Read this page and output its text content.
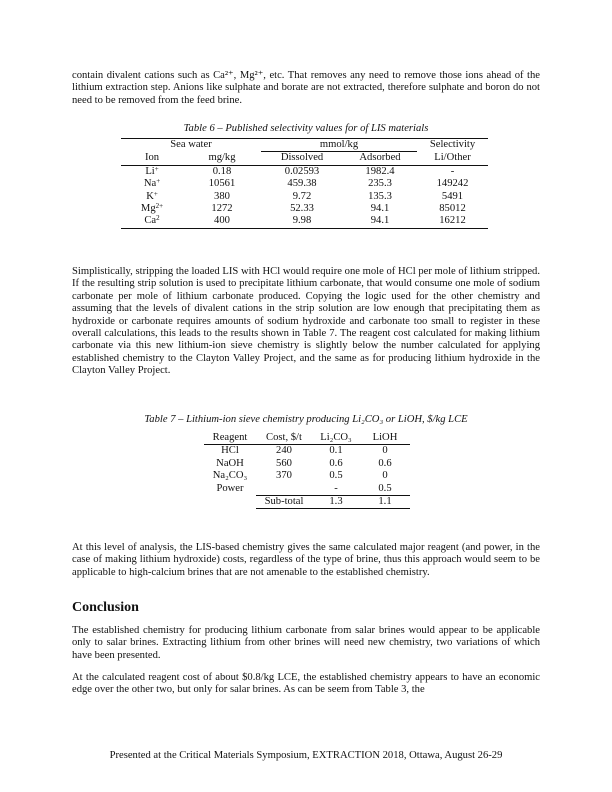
contain divalent cations such as Ca²⁺, Mg²⁺, etc. That removes any need to remove those ions ahead of the lithium extraction step. Anions like sulphate and borate are not extracted, therefore sulphate and boron do not need to be removed from the feed brine.

Table 6 – Published selectivity values for of LIS materials

Sea water		mmol/kg		Selectivity
Ion	mg/kg	Dissolved	Adsorbed	Li/Other
Li+	0.18	0.02593	1982.4	-
Na+	10561	459.38	235.3	149242
K+	380	9.72	135.3	5491
$Mg^{2+}$	1272	52.33	94.1	85012
Ca$^2$	400	9.98	94.1	16212

Simplistically, stripping the loaded LIS with HCl would require one mole of HCl per mole of lithium stripped. If the resulting strip solution is used to precipitate lithium carbonate, that would consume one mole of sodium carbonate per mole of lithium carbonate produced. Copying the logic used for the other chemistry and assuming that the levels of divalent cations in the strip solution are low enough that precipitating them as hydroxide or carbonate requires amounts of sodium hydroxide and carbonate too small to register in these overall calculations, this leads to the results shown in Table 7. The reagent cost calculated for making lithium carbonate via this new lithium-ion sieve chemistry is slightly below the number calculated for applying established chemistry to the Clayton Valley Project, and the same as for producing lithium hydroxide in the Clayton Valley Project.

Table 7 – Lithium-ion sieve chemistry producing Li₂CO₃ or LiOH, $/kg LCE

Reagent	Cost, $/t	Li₂CO₃	LiOH
HCl	240	0.1	0
NaOH	560	0.6	0.6
Na₂CO₃	370	0.5	0
Power		-	0.5
	Sub-total	1.3	1.1

At this level of analysis, the LIS-based chemistry gives the same calculated major reagent (and power, in the case of making lithium hydroxide) costs, regardless of the type of brine, thus this approach would seem to be applicable to high-calcium brines that are not amenable to the established chemistry.

Conclusion

The established chemistry for producing lithium carbonate from salar brines would appear to be applicable only to salar brines. Extracting lithium from other brines will need new chemistry, two variations of which have been presented.

At the calculated reagent cost of about $0.8/kg LCE, the established chemistry appears to have an economic edge over the other two, but only for salar brines. As can be seem from Table 3, the

Presented at the Critical Materials Symposium, EXTRACTION 2018, Ottawa, August 26-29
